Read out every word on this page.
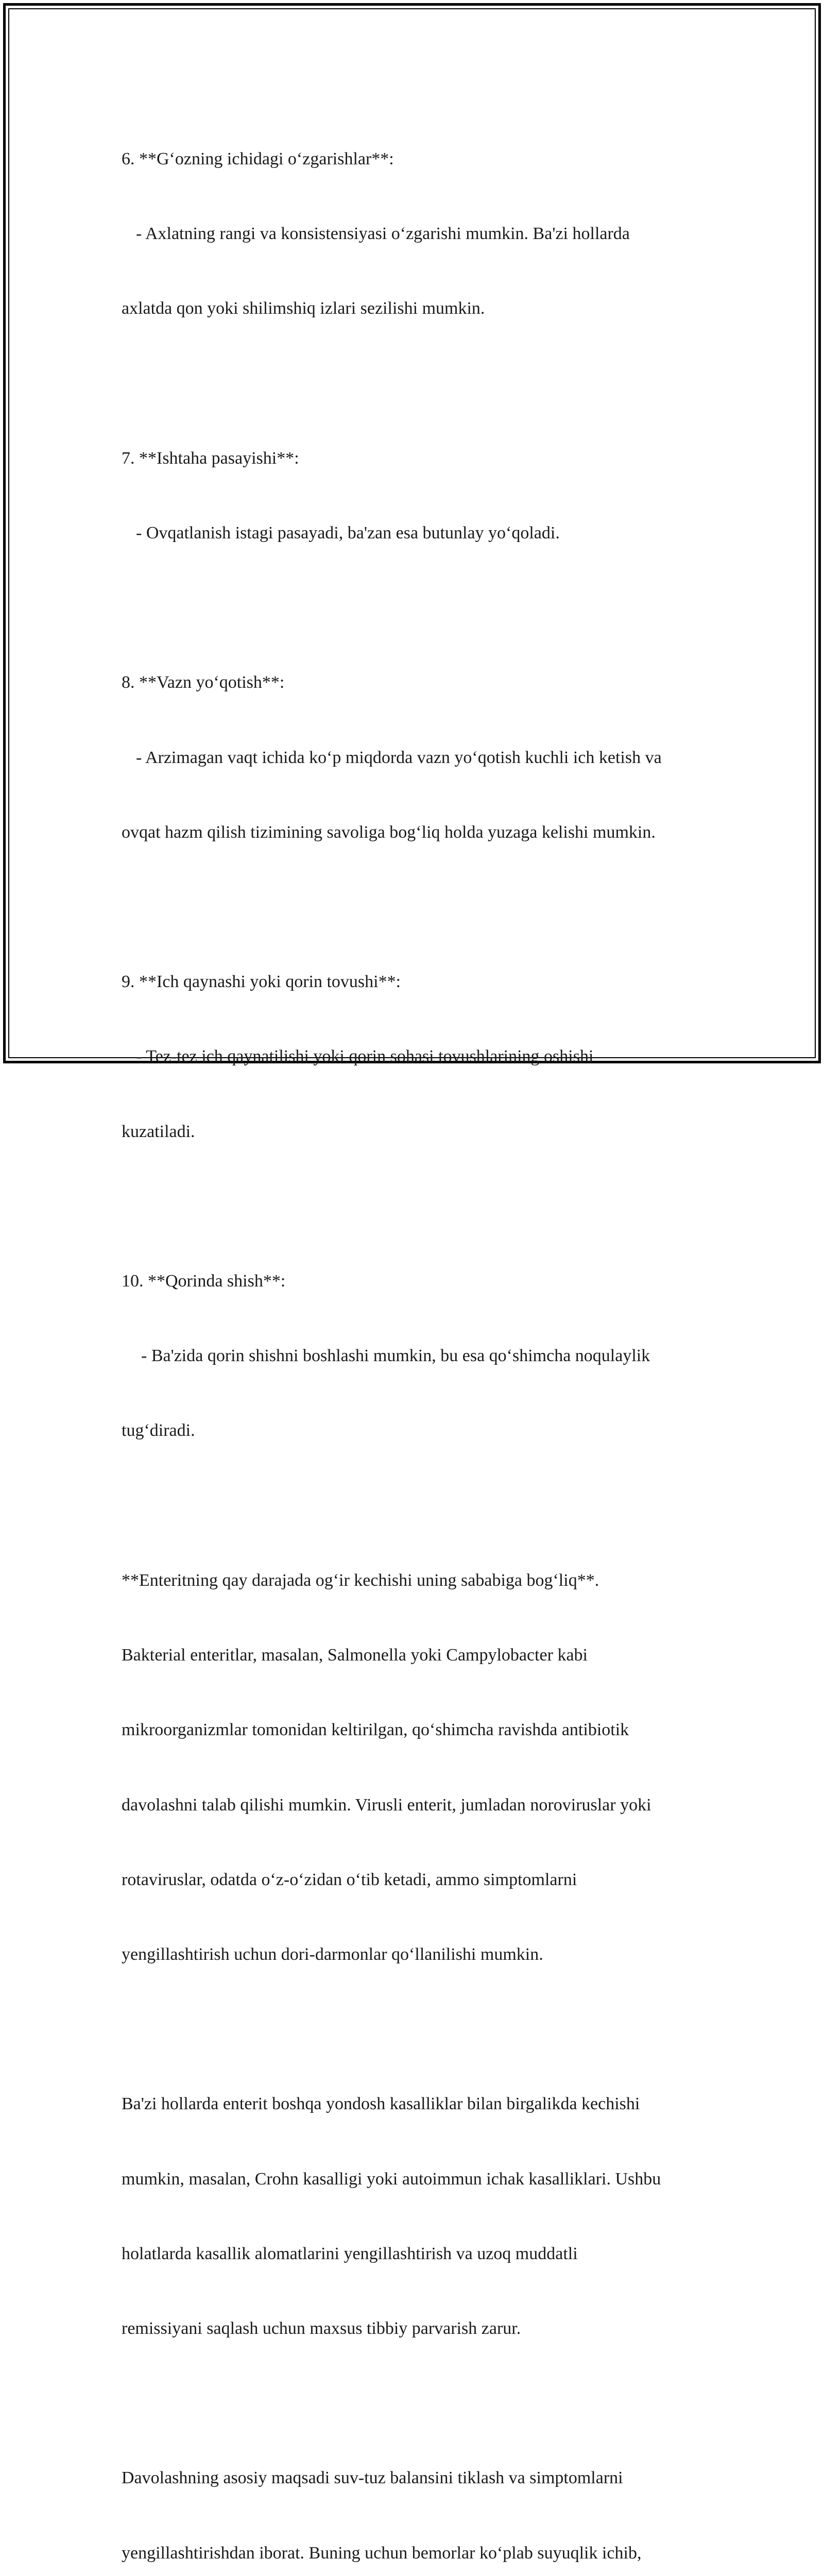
6. **G‘ozning ichidagi o‘zgarishlar**:

- Axlatning rangi va konsistensiyasi o‘zgarishi mumkin. Ba'zi hollarda

axlatda qon yoki shilimshiq izlari sezilishi mumkin.

7. **Ishtaha pasayishi**:

- Ovqatlanish istagi pasayadi, ba'zan esa butunlay yo‘qoladi.

8. **Vazn yo‘qotish**:

- Arzimagan vaqt ichida ko‘p miqdorda vazn yo‘qotish kuchli ich ketish va

ovqat hazm qilish tizimining savoliga bog‘liq holda yuzaga kelishi mumkin.

9. **Ich qaynashi yoki qorin tovushi**:

- Tez-tez ich qaynatilishi yoki qorin sohasi tovushlarining oshishi

kuzatiladi.

10. **Qorinda shish**:

- Ba'zida qorin shishni boshlashi mumkin, bu esa qo‘shimcha noqulaylik

tug‘diradi.

**Enteritning qay darajada og‘ir kechishi uning sababiga bog‘liq**.

Bakterial enteritlar, masalan, Salmonella yoki Campylobacter kabi

mikroorganizmlar tomonidan keltirilgan, qo‘shimcha ravishda antibiotik

davolashni talab qilishi mumkin. Virusli enterit, jumladan noroviruslar yoki

rotaviruslar, odatda o‘z-o‘zidan o‘tib ketadi, ammo simptomlarni

yengillashtirish uchun dori-darmonlar qo‘llanilishi mumkin.

Ba'zi hollarda enterit boshqa yondosh kasalliklar bilan birgalikda kechishi

mumkin, masalan, Crohn kasalligi yoki autoimmun ichak kasalliklari. Ushbu

holatlarda kasallik alomatlarini yengillashtirish va uzoq muddatli

remissiyani saqlash uchun maxsus tibbiy parvarish zarur.

Davolashning asosiy maqsadi suv-tuz balansini tiklash va simptomlarni

yengillashtirishdan iborat. Buning uchun bemorlar ko‘plab suyuqlik ichib,
